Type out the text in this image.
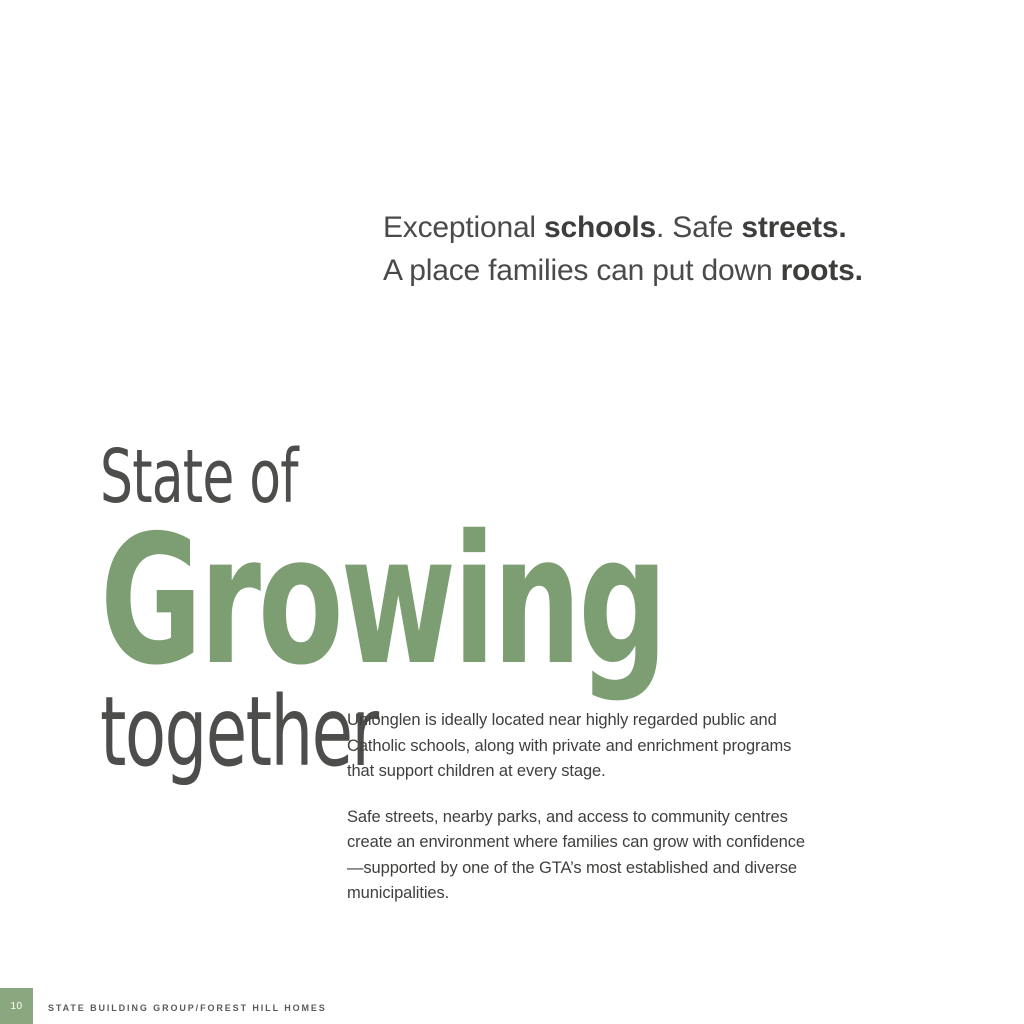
Exceptional schools. Safe streets.
A place families can put down roots.
State of
Growing
together

Unionglen is ideally located near highly regarded public and Catholic schools, along with private and enrichment programs that support children at every stage.

Safe streets, nearby parks, and access to community centres create an environment where families can grow with confidence—supported by one of the GTA’s most established and diverse municipalities.

10	STATE BUILDING GROUP/FOREST HILL HOMES
